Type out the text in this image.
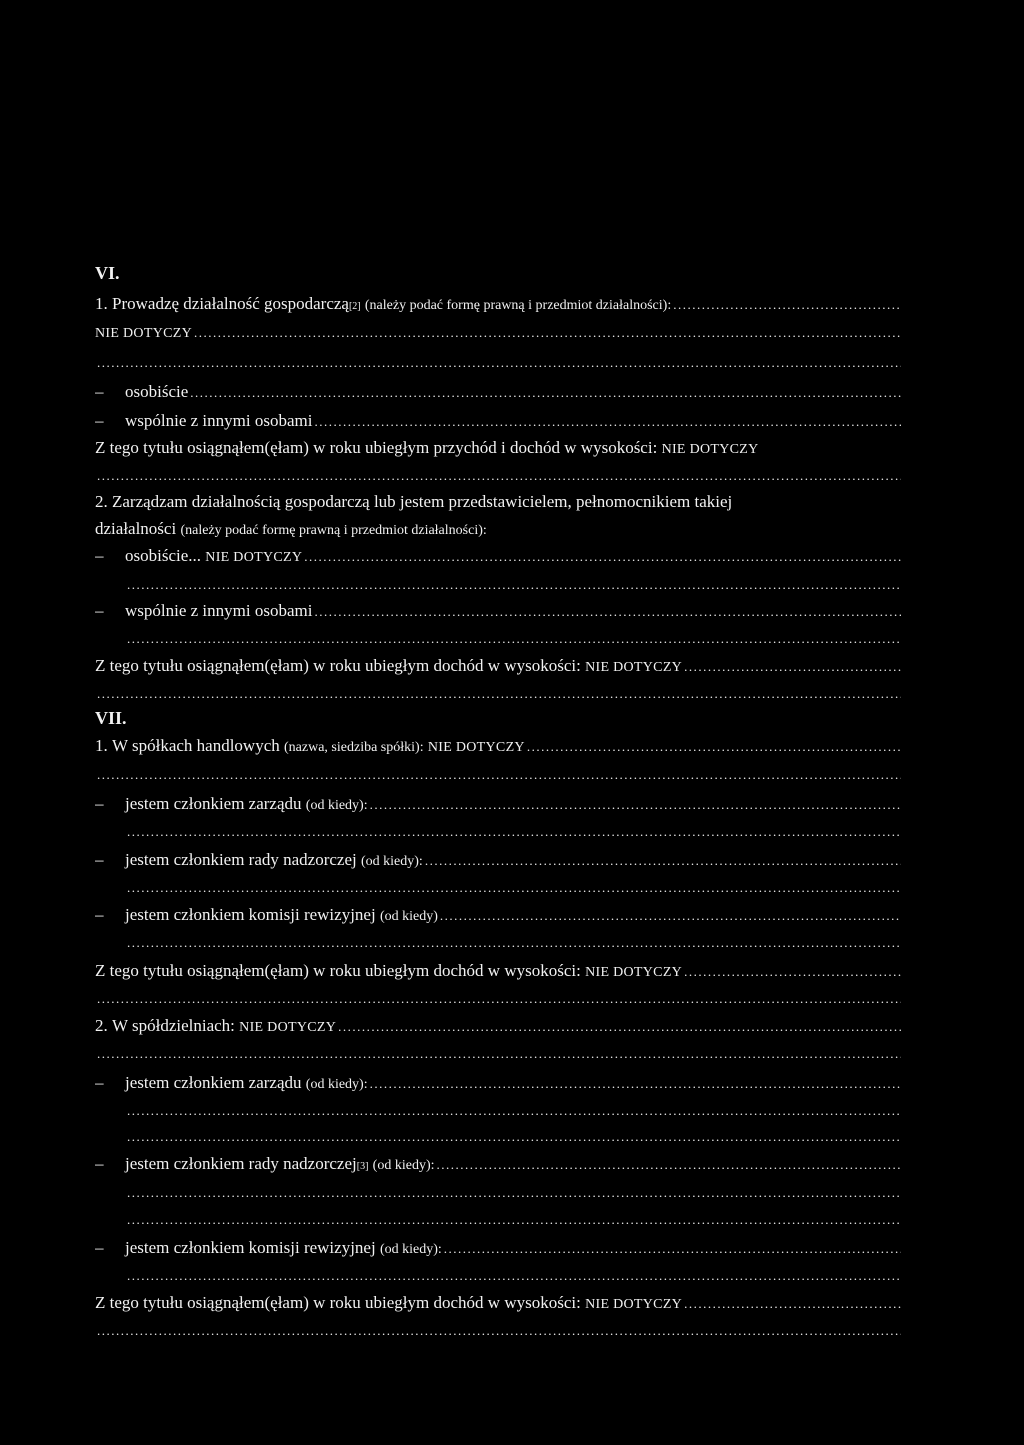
VI.
1.
Prowadzę działalność gospodarczą [2]
(należy podać formę prawną i przedmiot działalności):
.....
NIE DOTYCZY
.....
.....
–	osobiście
.....
–	wspólnie z innymi osobami
.....
Z tego tytułu osiągnąłem(ęłam) w roku ubiegłym przychód i dochód w wysokości:
NIE DOTYCZY
.....
2.
Zarządzam działalnością gospodarczą lub jestem przedstawicielem, pełnomocnikiem takiej
działalności
(należy podać formę prawną i przedmiot działalności):
–	osobiście...
NIE DOTYCZY
.....
.....
–	wspólnie z innymi osobami
.....
.....
Z tego tytułu osiągnąłem(ęłam) w roku ubiegłym dochód w wysokości:
NIE DOTYCZY
.....
.....
VII.
1.
W spółkach handlowych
(nazwa, siedziba spółki):
NIE DOTYCZY
.....
.....
–	jestem członkiem zarządu
(od kiedy):
.....
.....
–	jestem członkiem rady nadzorczej
(od kiedy):
.....
.....
–	jestem członkiem komisji rewizyjnej
(od kiedy)
.....
.....
Z tego tytułu osiągnąłem(ęłam) w roku ubiegłym dochód w wysokości:
NIE DOTYCZY
.....
.....
2.
W spółdzielniach:
NIE DOTYCZY
.....
.....
–	jestem członkiem zarządu
(od kiedy):
.....
.....
.....
–	jestem członkiem rady nadzorczej [3]
(od kiedy):
.....
.....
.....
–	jestem członkiem komisji rewizyjnej
(od kiedy):
.....
.....
Z tego tytułu osiągnąłem(ęłam) w roku ubiegłym dochód w wysokości:
NIE DOTYCZY
.....
.....
